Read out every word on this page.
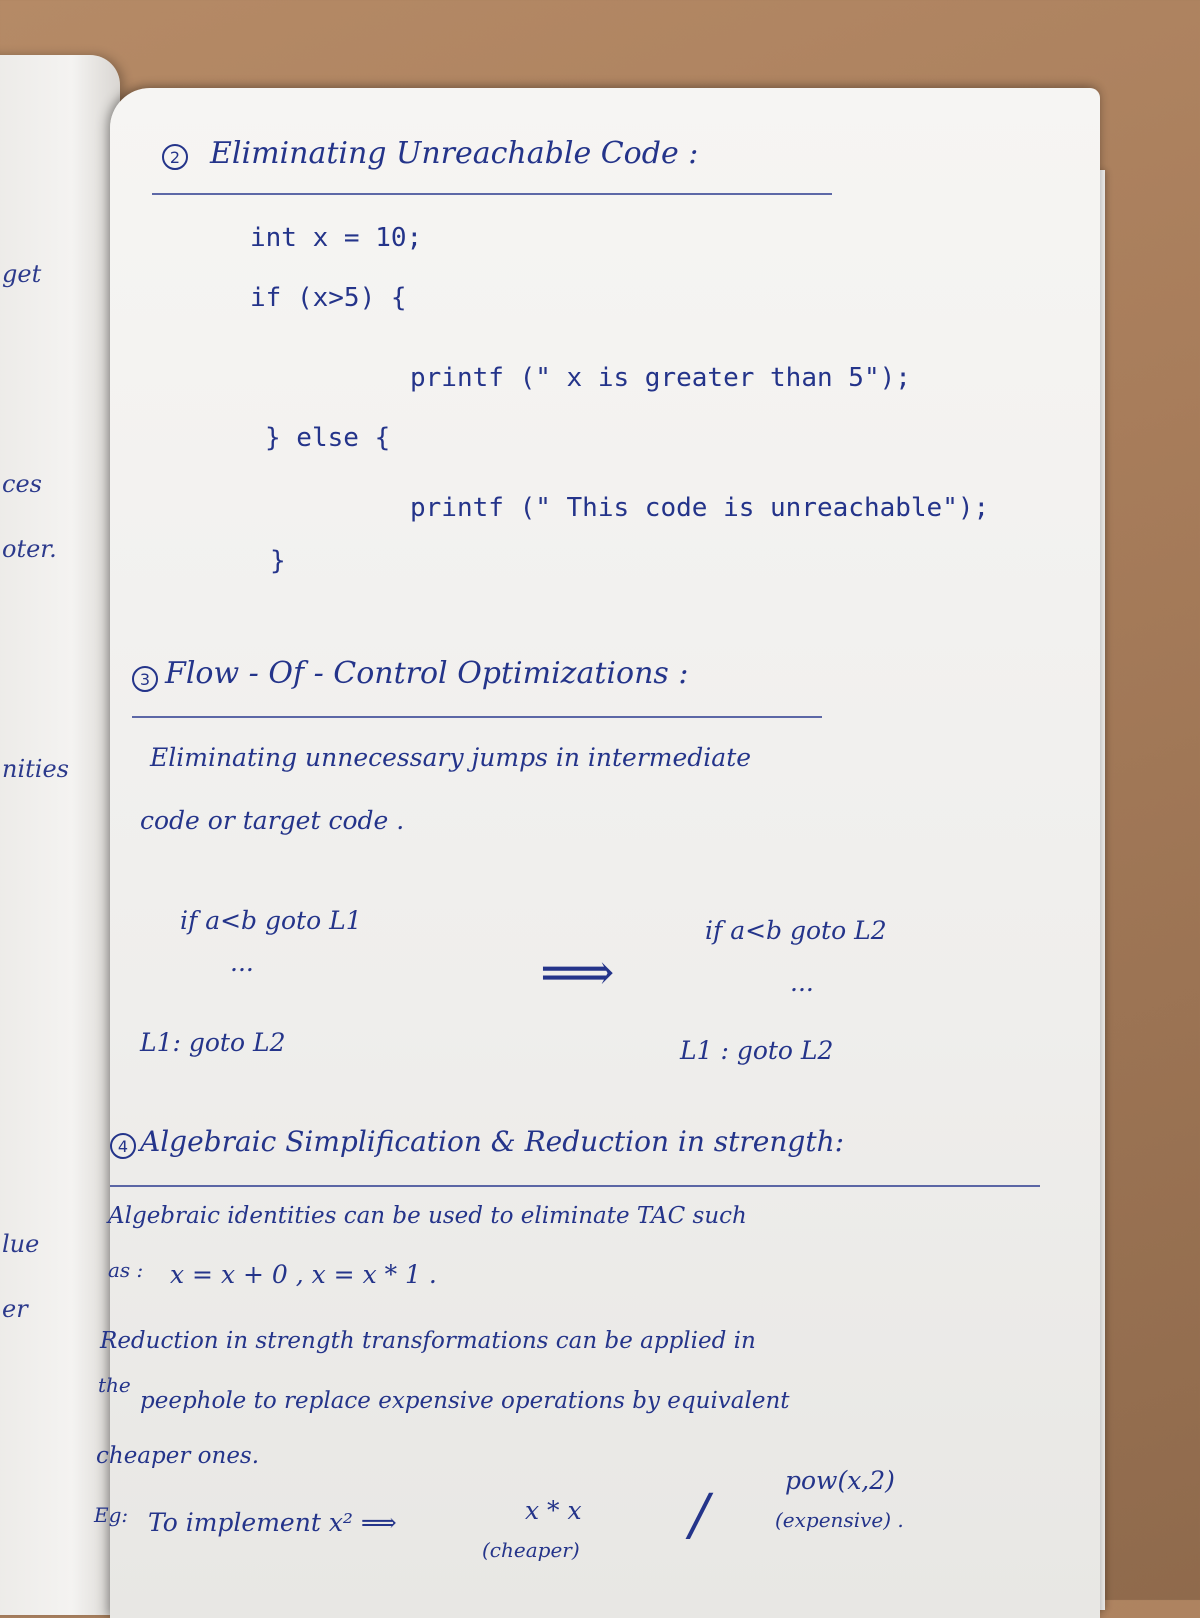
get
ces
oter.
nities
lue
er
2 Eliminating Unreachable Code :
int x = 10;
if (x>5) {
printf (" x is greater than 5");
} else {
printf (" This code is unreachable");
}
3 Flow - Of - Control Optimizations :
Eliminating unnecessary jumps in intermediate
code or target code .
if a<b goto L1
...
L1: goto L2
⟹
if a<b goto L2
...
L1 : goto L2
4 Algebraic Simplification & Reduction in strength:
Algebraic identities can be used to eliminate TAC such
as : x = x + 0 , x = x * 1 .
Reduction in strength transformations can be applied in
the
peephole to replace expensive operations by equivalent
cheaper ones.
Eg: To implement x² ⟹	x * x
(cheaper)
/
pow(x,2)
(expensive) .
